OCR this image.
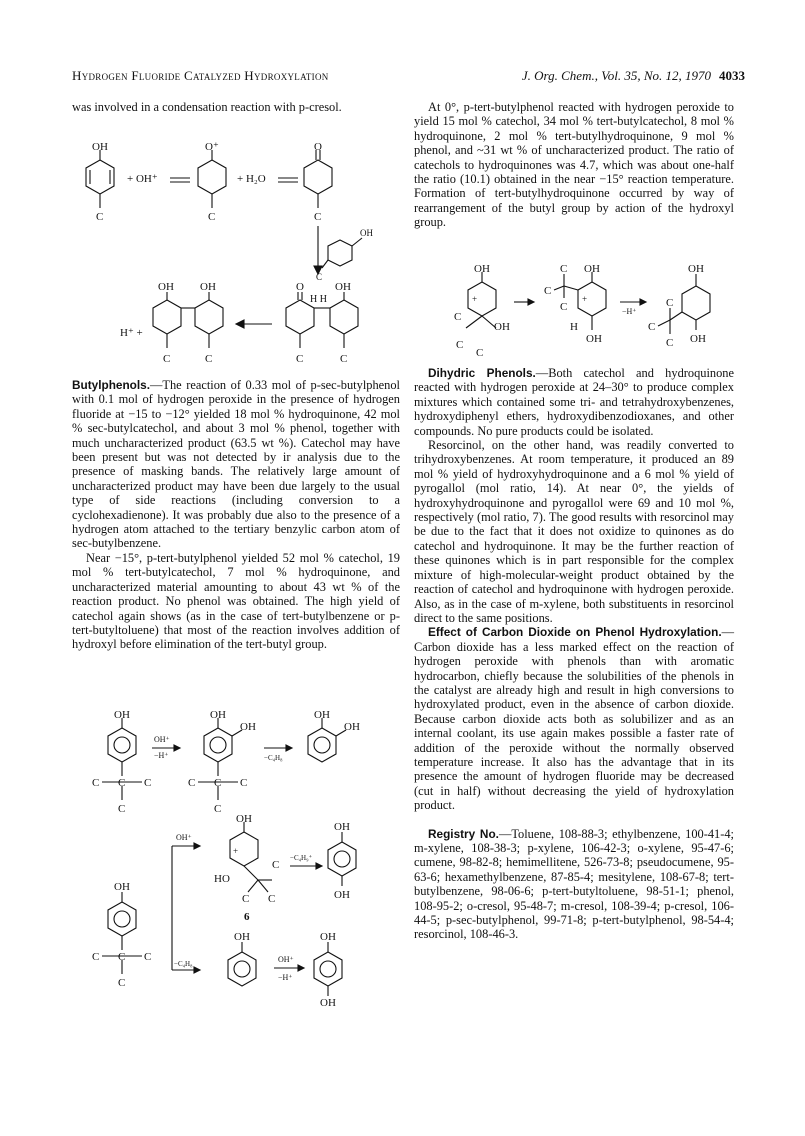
Hydrogen Fluoride Catalyzed Hydroxylation	J. Org. Chem., Vol. 35, No. 12, 1970 4033

was involved in a condensation reaction with p-cresol.

OH
C
+ OH⁺
O⁺
C
+ H₂O
O
C
OH
C
H⁺ +
OH OH
C	C
O
H H
OH
C	C

Butylphenols.—The reaction of 0.33 mol of p-sec-butylphenol with 0.1 mol of hydrogen peroxide in the presence of hydrogen fluoride at −15 to −12° yielded 18 mol % hydroquinone, 42 mol % sec-butylcatechol, and about 3 mol % phenol, together with much uncharacterized product (63.5 wt %). Catechol may have been present but was not detected by ir analysis due to the presence of masking bands. The relatively large amount of uncharacterized product may have been due largely to the usual type of side reactions (including conversion to a cyclohexadienone). It was probably due also to the presence of a hydrogen atom attached to the tertiary benzylic carbon atom of sec-butylbenzene.

Near −15°, p-tert-butylphenol yielded 52 mol % catechol, 19 mol % tert-butylcatechol, 7 mol % hydroquinone, and uncharacterized material amounting to about 43 wt % of the reaction product. No phenol was obtained. The high yield of catechol again shows (as in the case of tert-butylbenzene or p-tert-butyltoluene) that most of the reaction involves addition of hydroxyl before elimination of the tert-butyl group.

OH
C C C
C
OH⁺
−H⁺
OH
OH
C C C
C
−C₄H₈
OH
OH
OH
C C C
C
OH⁺
−C₄H₈
OH
+
HO
C
C C
6
−C₄H₉⁺
OH
OH
OH
OH⁺
−H⁺
OH
OH

At 0°, p-tert-butylphenol reacted with hydrogen peroxide to yield 15 mol % catechol, 34 mol % tert-butylcatechol, 8 mol % hydroquinone, 2 mol % tert-butylhydroquinone, 9 mol % phenol, and ~31 wt % of uncharacterized product. The ratio of catechols to hydroquinones was 4.7, which was about one-half the ratio (10.1) obtained in the near −15° reaction temperature. Formation of tert-butylhydroquinone occurred by way of rearrangement of the butyl group by action of the hydroxyl group.

OH
+
C
OH
C
C
OH
C
C
C
H
+
OH
−H⁺
OH
C
C
C OH

Dihydric Phenols.—Both catechol and hydroquinone reacted with hydrogen peroxide at 24–30° to produce complex mixtures which contained some tri- and tetrahydroxybenzenes, hydroxydiphenyl ethers, hydroxydibenzodioxanes, and other compounds. No pure products could be isolated.

Resorcinol, on the other hand, was readily converted to trihydroxybenzenes. At room temperature, it produced an 89 mol % yield of hydroxyhydroquinone and a 6 mol % yield of pyrogallol (mol ratio, 14). At near 0°, the yields of hydroxyhydroquinone and pyrogallol were 69 and 10 mol %, respectively (mol ratio, 7). The good results with resorcinol may be due to the fact that it does not oxidize to quinones as do catechol and hydroquinone. It may be the further reaction of these quinones which is in part responsible for the complex mixture of high-molecular-weight product obtained by the reaction of catechol and hydroquinone with hydrogen peroxide. Also, as in the case of m-xylene, both substituents in resorcinol direct to the same positions.

Effect of Carbon Dioxide on Phenol Hydroxylation.—Carbon dioxide has a less marked effect on the reaction of hydrogen peroxide with phenols than with aromatic hydrocarbon, chiefly because the solubilities of the phenols in the catalyst are already high and result in high conversions to hydroxylated product, even in the absence of carbon dioxide. Because carbon dioxide acts both as solubilizer and as an internal coolant, its use again makes possible a faster rate of addition of the peroxide without the normally observed temperature increase. It also has the advantage that in its presence the amount of hydrogen fluoride may be decreased (cut in half) without decreasing the yield of hydroxylation product.

Registry No.—Toluene, 108-88-3; ethylbenzene, 100-41-4; m-xylene, 108-38-3; p-xylene, 106-42-3; o-xylene, 95-47-6; cumene, 98-82-8; hemimellitene, 526-73-8; pseudocumene, 95-63-6; hexamethylbenzene, 87-85-4; mesitylene, 108-67-8; tert-butylbenzene, 98-06-6; p-tert-butyltoluene, 98-51-1; phenol, 108-95-2; o-cresol, 95-48-7; m-cresol, 108-39-4; p-cresol, 106-44-5; p-sec-butylphenol, 99-71-8; p-tert-butylphenol, 98-54-4; resorcinol, 108-46-3.
